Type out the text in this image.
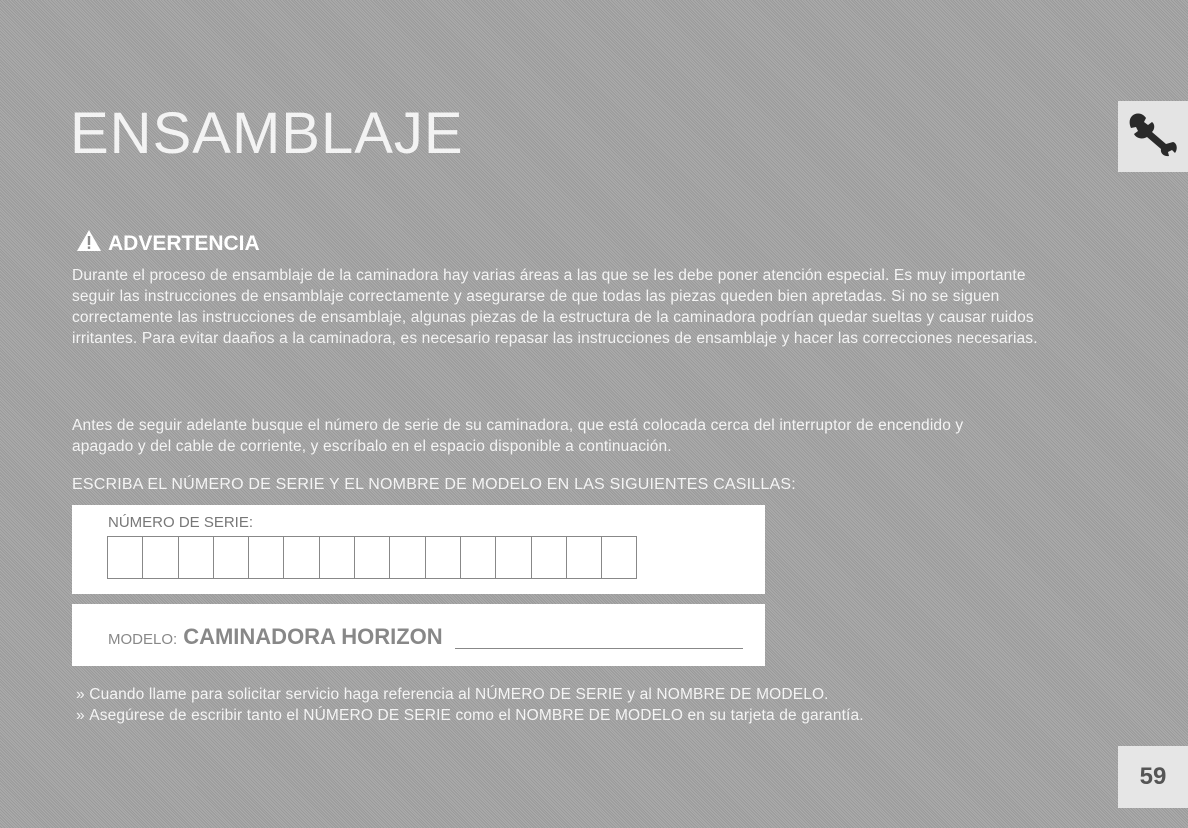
ENSAMBLAJE
ADVERTENCIA

Durante el proceso de ensamblaje de la caminadora hay varias áreas a las que se les debe poner atención especial. Es muy importante seguir las instrucciones de ensamblaje correctamente y asegurarse de que todas las piezas queden bien apretadas. Si no se siguen correctamente las instrucciones de ensamblaje, algunas piezas de la estructura de la caminadora podrían quedar sueltas y causar ruidos irritantes. Para evitar daaños a la caminadora, es necesario repasar las instrucciones de ensamblaje y hacer las correcciones necesarias.

Antes de seguir adelante busque el número de serie de su caminadora, que está colocada cerca del interruptor de encendido y apagado y del cable de corriente, y escríbalo en el espacio disponible a continuación.

ESCRIBA EL NÚMERO DE SERIE Y EL NOMBRE DE MODELO EN LAS SIGUIENTES CASILLAS:

NÚMERO DE SERIE:
MODELO: CAMINADORA HORIZON
» Cuando llame para solicitar servicio haga referencia al NÚMERO DE SERIE y al NOMBRE DE MODELO.
» Asegúrese de escribir tanto el NÚMERO DE SERIE como el NOMBRE DE MODELO en su tarjeta de garantía.
59
